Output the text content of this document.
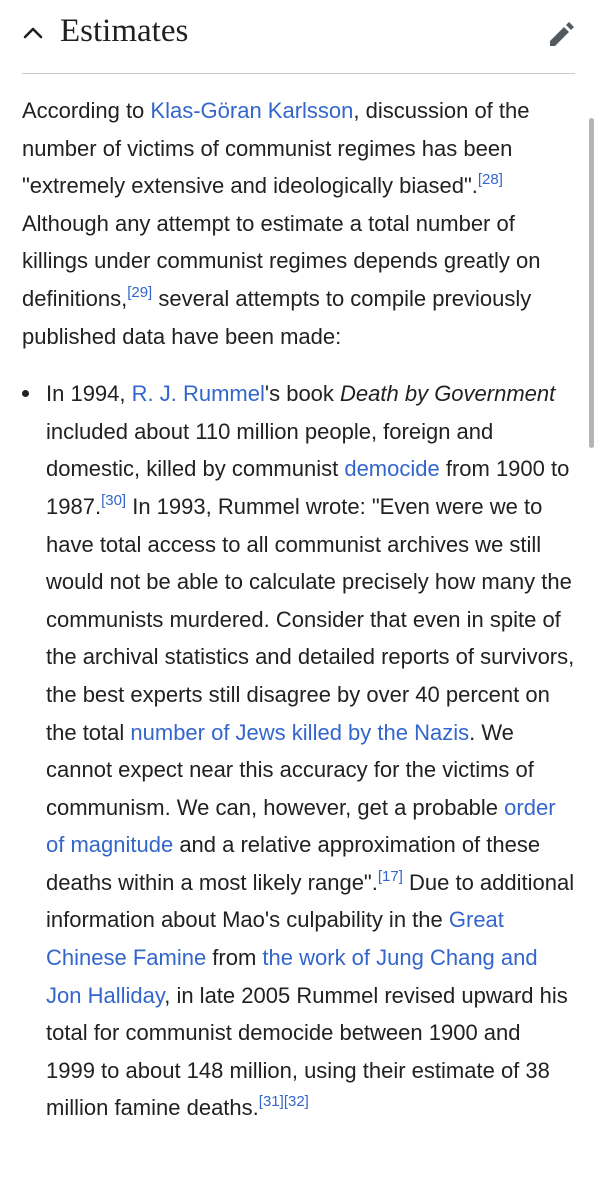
Estimates

According to Klas-Göran Karlsson, discussion of the number of victims of communist regimes has been "extremely extensive and ideologically biased".[28] Although any attempt to estimate a total number of killings under communist regimes depends greatly on definitions,[29] several attempts to compile previously published data have been made:

In 1994, R. J. Rummel's book Death by Government included about 110 million people, foreign and domestic, killed by communist democide from 1900 to 1987.[30] In 1993, Rummel wrote: "Even were we to have total access to all communist archives we still would not be able to calculate precisely how many the communists murdered. Consider that even in spite of the archival statistics and detailed reports of survivors, the best experts still disagree by over 40 percent on the total number of Jews killed by the Nazis. We cannot expect near this accuracy for the victims of communism. We can, however, get a probable order of magnitude and a relative approximation of these deaths within a most likely range".[17] Due to additional information about Mao's culpability in the Great Chinese Famine from the work of Jung Chang and Jon Halliday, in late 2005 Rummel revised upward his total for communist democide between 1900 and 1999 to about 148 million, using their estimate of 38 million famine deaths.[31][32]
